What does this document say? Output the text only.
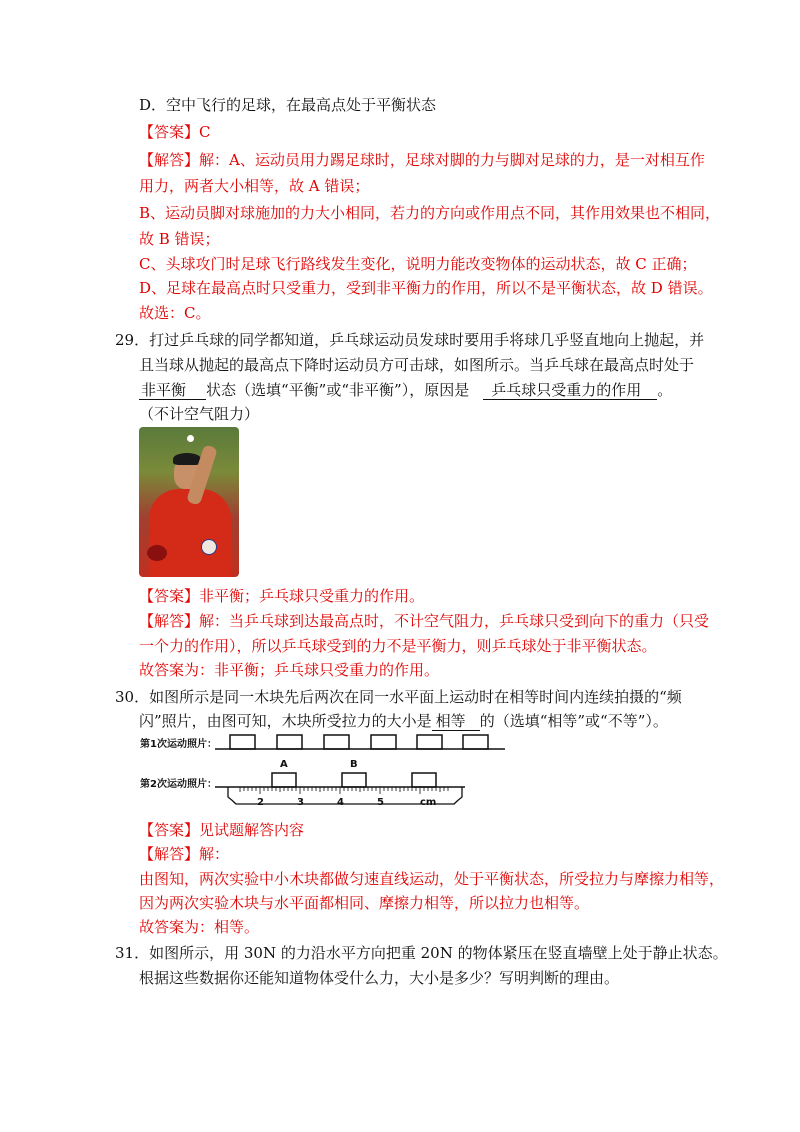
D．空中飞行的足球，在最高点处于平衡状态
【答案】C
【解答】解：A、运动员用力踢足球时，足球对脚的力与脚对足球的力，是一对相互作
用力，两者大小相等，故 A 错误；
B、运动员脚对球施加的力大小相同，若力的方向或作用点不同，其作用效果也不相同，
故 B 错误；
C、头球攻门时足球飞行路线发生变化，说明力能改变物体的运动状态，故 C 正确；
D、足球在最高点时只受重力，受到非平衡力的作用，所以不是平衡状态，故 D 错误。
故选：C。
29．打过乒乓球的同学都知道，乒乓球运动员发球时要用手将球几乎竖直地向上抛起，并
且当球从抛起的最高点下降时运动员方可击球，如图所示。当乒乓球在最高点时处于
非平衡 状态（选填“平衡”或“非平衡”），原因是 乒乓球只受重力的作用 。
（不计空气阻力）
【答案】非平衡；乒乓球只受重力的作用。
【解答】解：当乒乓球到达最高点时，不计空气阻力，乒乓球只受到向下的重力（只受
一个力的作用），所以乒乓球受到的力不是平衡力，则乒乓球处于非平衡状态。
故答案为：非平衡；乒乓球只受重力的作用。
30．如图所示是同一木块先后两次在同一水平面上运动时在相等时间内连续拍摄的“频
闪”照片，由图可知，木块所受拉力的大小是 相等 的（选填“相等”或“不等”）。
第1次运动照片：
第2次运动照片：
A	B
2	3	4	5	cm
【答案】见试题解答内容
【解答】解：
由图知，两次实验中小木块都做匀速直线运动，处于平衡状态，所受拉力与摩擦力相等，
因为两次实验木块与水平面都相同、摩擦力相等，所以拉力也相等。
故答案为：相等。
31．如图所示，用 30N 的力沿水平方向把重 20N 的物体紧压在竖直墙壁上处于静止状态。
根据这些数据你还能知道物体受什么力，大小是多少？写明判断的理由。
